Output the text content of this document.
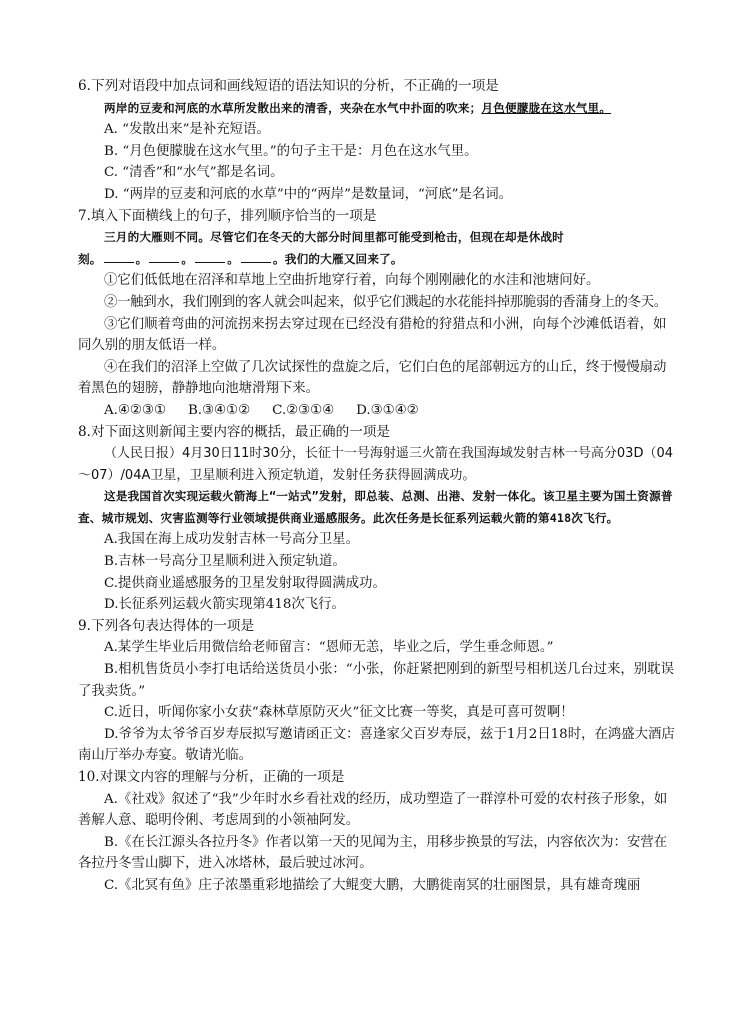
6.下列对语段中加点词和画线短语的语法知识的分析，不正确的一项是
两岸的豆麦和河底的水草所发散出来的清香，夹杂在水气中扑面的吹来；月色便朦胧在这水气里。
A. “发散出来”是补充短语。
B. “月色便朦胧在这水气里。”的句子主干是：月色在这水气里。
C. “清香”和“水气”都是名词。
D. “两岸的豆麦和河底的水草”中的“两岸”是数量词，“河底”是名词。
7.填入下面横线上的句子，排列顺序恰当的一项是
三月的大雁则不同。尽管它们在冬天的大部分时间里都可能受到枪击，但现在却是休战时
刻。	。	。	。	。我们的大雁又回来了。
①它们低低地在沼泽和草地上空曲折地穿行着，向每个刚刚融化的水洼和池塘问好。
②一触到水，我们刚到的客人就会叫起来，似乎它们溅起的水花能抖掉那脆弱的香蒲身上的冬天。
③它们顺着弯曲的河流拐来拐去穿过现在已经没有猎枪的狩猎点和小洲，向每个沙滩低语着，如同久别的朋友低语一样。
④在我们的沼泽上空做了几次试探性的盘旋之后，它们白色的尾部朝远方的山丘，终于慢慢扇动着黑色的翅膀，静静地向池塘滑翔下来。
A.④②③① B.③④①② C.②③①④ D.③①④②
8.对下面这则新闻主要内容的概括，最正确的一项是
（人民日报）4月30日11时30分，长征十一号海射遥三火箭在我国海域发射吉林一号高分03D（04～07）/04A卫星，卫星顺利进入预定轨道，发射任务获得圆满成功。
这是我国首次实现运载火箭海上“一站式”发射，即总装、总测、出港、发射一体化。该卫星主要为国土资源普查、城市规划、灾害监测等行业领域提供商业遥感服务。此次任务是长征系列运载火箭的第418次飞行。
A.我国在海上成功发射吉林一号高分卫星。
B.吉林一号高分卫星顺利进入预定轨道。
C.提供商业遥感服务的卫星发射取得圆满成功。
D.长征系列运载火箭实现第418次飞行。
9.下列各句表达得体的一项是
A.某学生毕业后用微信给老师留言：“恩师无恙，毕业之后，学生垂念师恩。”
B.相机售货员小李打电话给送货员小张：“小张，你赶紧把刚到的新型号相机送几台过来，别耽误了我卖货。”
C.近日，听闻你家小女获“森林草原防灭火”征文比赛一等奖，真是可喜可贺啊！
D.爷爷为太爷爷百岁寿辰拟写邀请函正文：喜逢家父百岁寿辰，兹于1月2日18时，在鸿盛大酒店南山厅举办寿宴。敬请光临。
10.对课文内容的理解与分析，正确的一项是
A.《社戏》叙述了“我”少年时水乡看社戏的经历，成功塑造了一群淳朴可爱的农村孩子形象，如善解人意、聪明伶俐、考虑周到的小领袖阿发。
B.《在长江源头各拉丹冬》作者以第一天的见闻为主，用移步换景的写法，内容依次为：安营在各拉丹冬雪山脚下，进入冰塔林，最后驶过冰河。
C.《北冥有鱼》庄子浓墨重彩地描绘了大鲲变大鹏，大鹏徙南冥的壮丽图景，具有雄奇瑰丽
